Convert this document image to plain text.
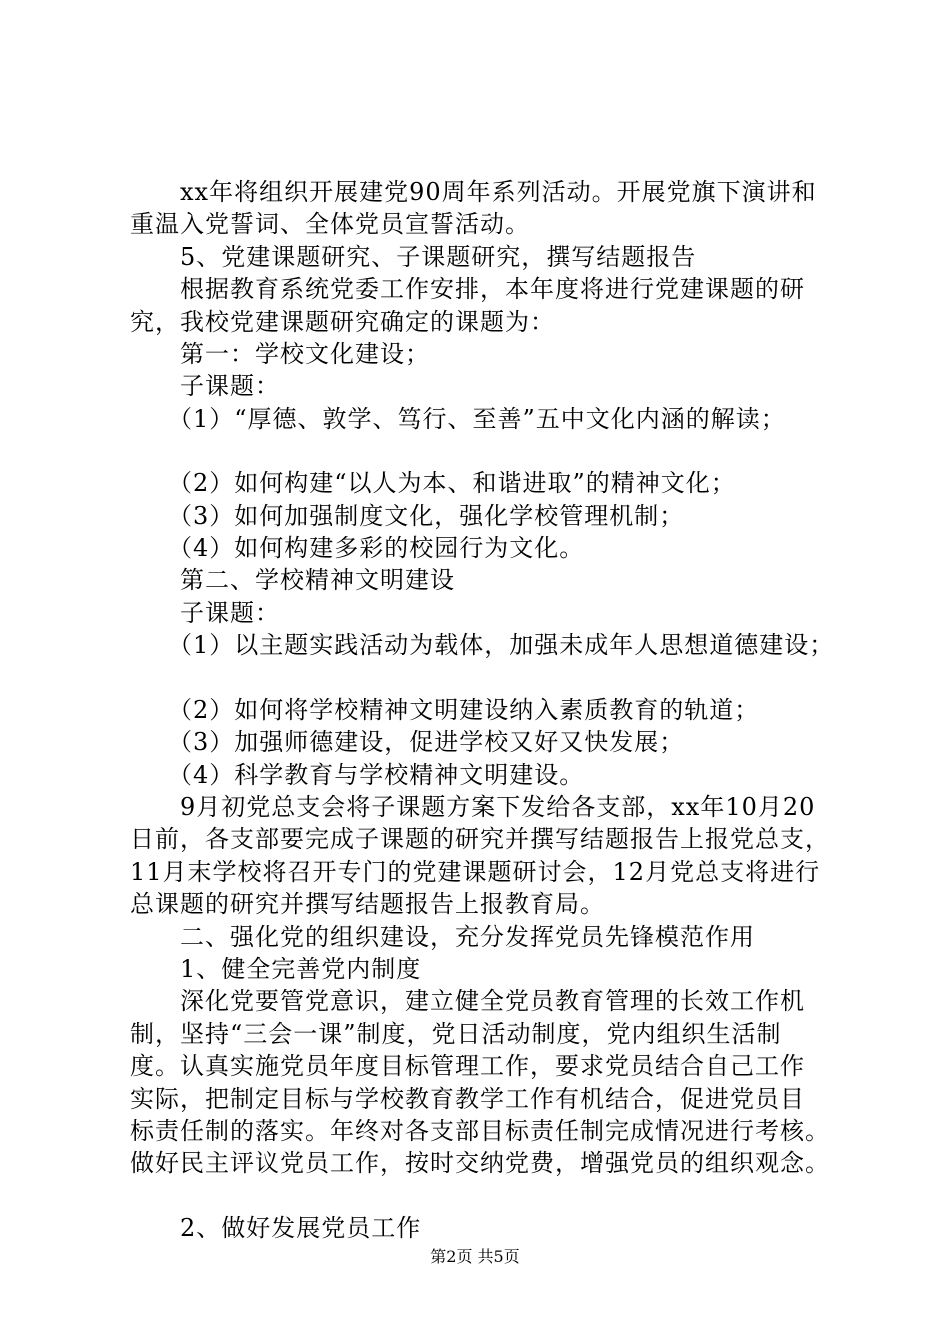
　　xx年将组织开展建党90周年系列活动。开展党旗下演讲和

重温入党誓词、全体党员宣誓活动。

　　5、党建课题研究、子课题研究，撰写结题报告

　　根据教育系统党委工作安排，本年度将进行党建课题的研

究，我校党建课题研究确定的课题为：

　　第一：学校文化建设；

　　子课题：

　　（1）“厚德、敦学、笃行、至善”五中文化内涵的解读；

　　（2）如何构建“以人为本、和谐进取”的精神文化；

　　（3）如何加强制度文化，强化学校管理机制；

　　（4）如何构建多彩的校园行为文化。

　　第二、学校精神文明建设

　　子课题：

　　（1）以主题实践活动为载体，加强未成年人思想道德建设；

　　（2）如何将学校精神文明建设纳入素质教育的轨道；

　　（3）加强师德建设，促进学校又好又快发展；

　　（4）科学教育与学校精神文明建设。

　　9月初党总支会将子课题方案下发给各支部，xx年10月20

日前，各支部要完成子课题的研究并撰写结题报告上报党总支，

11月末学校将召开专门的党建课题研讨会，12月党总支将进行

总课题的研究并撰写结题报告上报教育局。

　　二、强化党的组织建设，充分发挥党员先锋模范作用

　　1、健全完善党内制度

　　深化党要管党意识，建立健全党员教育管理的长效工作机

制，坚持“三会一课”制度，党日活动制度，党内组织生活制

度。认真实施党员年度目标管理工作，要求党员结合自己工作

实际，把制定目标与学校教育教学工作有机结合，促进党员目

标责任制的落实。年终对各支部目标责任制完成情况进行考核。

做好民主评议党员工作，按时交纳党费，增强党员的组织观念。

　　2、做好发展党员工作

第2页 共5页
